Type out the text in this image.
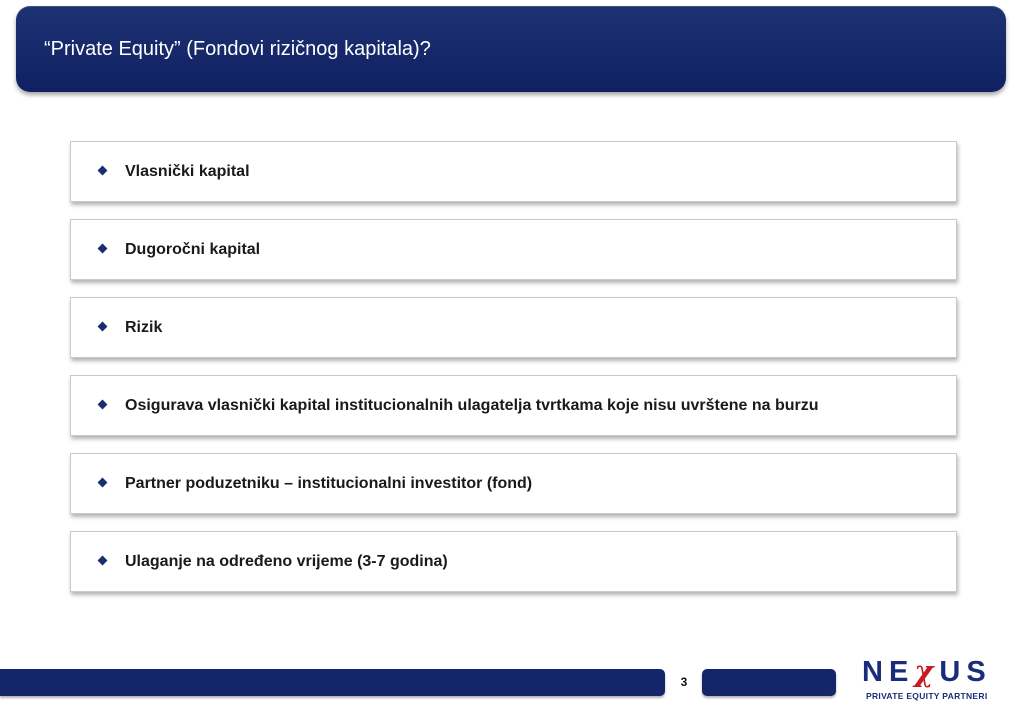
“Private Equity” (Fondovi rizičnog kapitala)?
Vlasnički kapital
Dugoročni kapital
Rizik
Osigurava vlasnički kapital institucionalnih ulagatelja tvrtkama koje nisu uvrštene na burzu
Partner poduzetniku – institucionalni investitor (fond)
Ulaganje na određeno vrijeme (3-7 godina)
3	NEχUS
PRIVATE EQUITY PARTNERI
